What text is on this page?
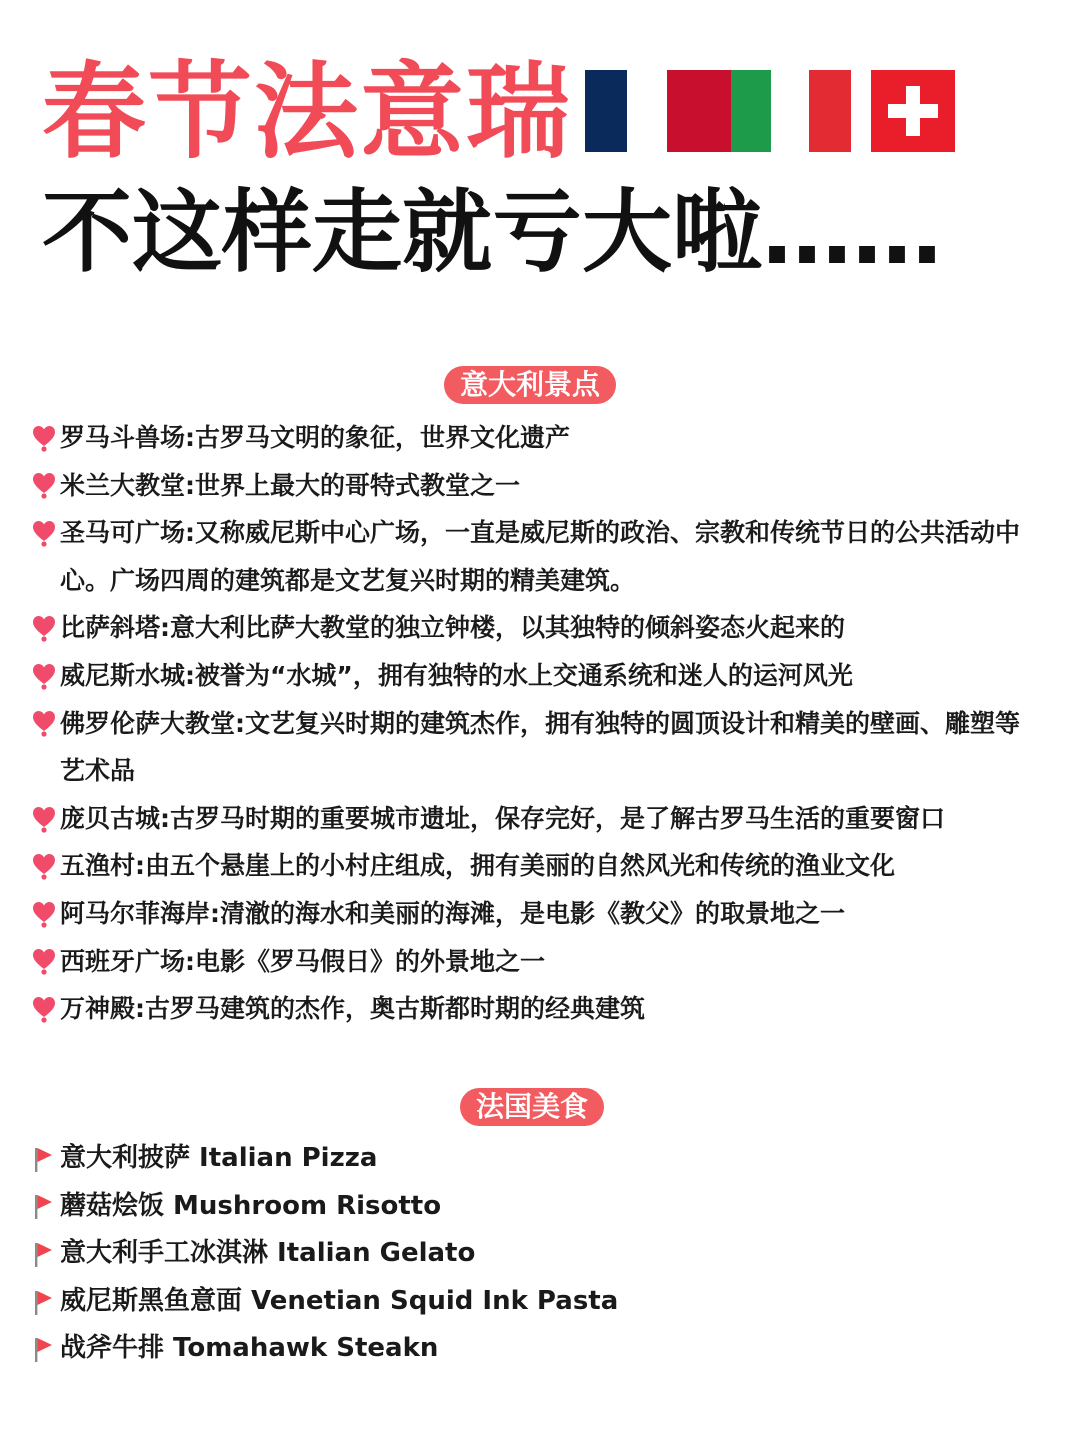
春节法意瑞
不这样走就亏大啦……
意大利景点
罗马斗兽场:古罗马文明的象征，世界文化遗产
米兰大教堂:世界上最大的哥特式教堂之一
圣马可广场:又称威尼斯中心广场，一直是威尼斯的政治、宗教和传统节日的公共活动中心。广场四周的建筑都是文艺复兴时期的精美建筑。
比萨斜塔:意大利比萨大教堂的独立钟楼，以其独特的倾斜姿态火起来的
威尼斯水城:被誉为“水城”，拥有独特的水上交通系统和迷人的运河风光
佛罗伦萨大教堂:文艺复兴时期的建筑杰作，拥有独特的圆顶设计和精美的壁画、雕塑等艺术品
庞贝古城:古罗马时期的重要城市遗址，保存完好，是了解古罗马生活的重要窗口
五渔村:由五个悬崖上的小村庄组成，拥有美丽的自然风光和传统的渔业文化
阿马尔菲海岸:清澈的海水和美丽的海滩，是电影《教父》的取景地之一
西班牙广场:电影《罗马假日》的外景地之一
万神殿:古罗马建筑的杰作，奥古斯都时期的经典建筑
法国美食
意大利披萨 Italian Pizza
蘑菇烩饭 Mushroom Risotto
意大利手工冰淇淋 Italian Gelato
威尼斯黑鱼意面 Venetian Squid Ink Pasta
战斧牛排 Tomahawk Steakn
